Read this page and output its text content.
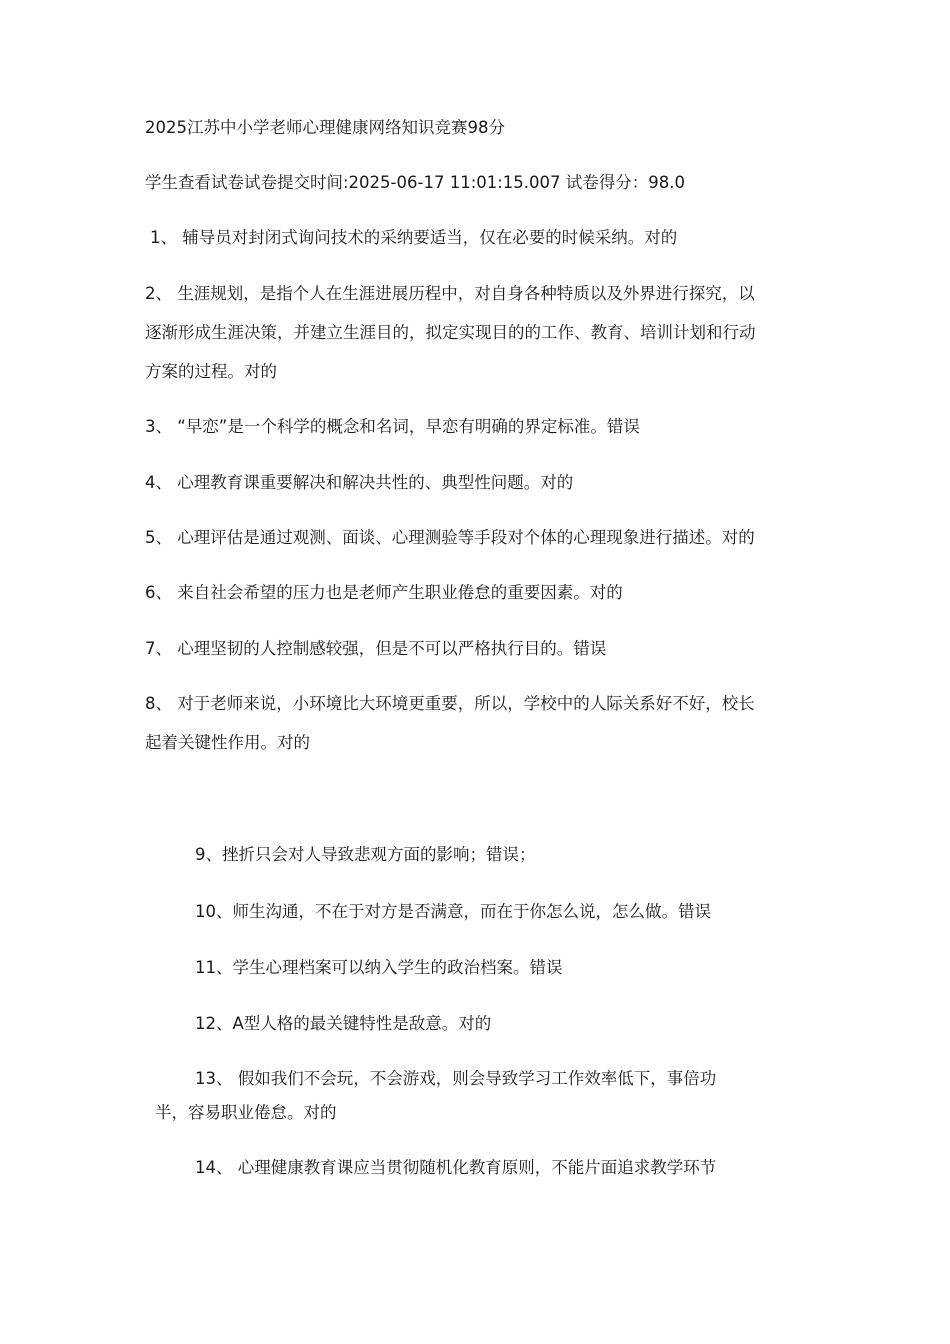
2025江苏中小学老师心理健康网络知识竞赛98分
学生查看试卷试卷提交时间:2025-06-17 11:01:15.007 试卷得分：98.0
1、 辅导员对封闭式询问技术的采纳要适当，仅在必要的时候采纳。对的
2、 生涯规划，是指个人在生涯进展历程中，对自身各种特质以及外界进行探究，以
逐渐形成生涯决策，并建立生涯目的，拟定实现目的的工作、教育、培训计划和行动
方案的过程。对的
3、 “早恋”是一个科学的概念和名词，早恋有明确的界定标准。错误
4、 心理教育课重要解决和解决共性的、典型性问题。对的
5、 心理评估是通过观测、面谈、心理测验等手段对个体的心理现象进行描述。对的
6、 来自社会希望的压力也是老师产生职业倦怠的重要因素。对的
7、 心理坚韧的人控制感较强，但是不可以严格执行目的。错误
8、 对于老师来说，小环境比大环境更重要，所以，学校中的人际关系好不好，校长
起着关键性作用。对的
9、挫折只会对人导致悲观方面的影响；错误；
10、师生沟通，不在于对方是否满意，而在于你怎么说，怎么做。错误
11、学生心理档案可以纳入学生的政治档案。错误
12、A型人格的最关键特性是敌意。对的
13、 假如我们不会玩，不会游戏，则会导致学习工作效率低下，事倍功
半，容易职业倦怠。对的
14、 心理健康教育课应当贯彻随机化教育原则，不能片面追求教学环节
